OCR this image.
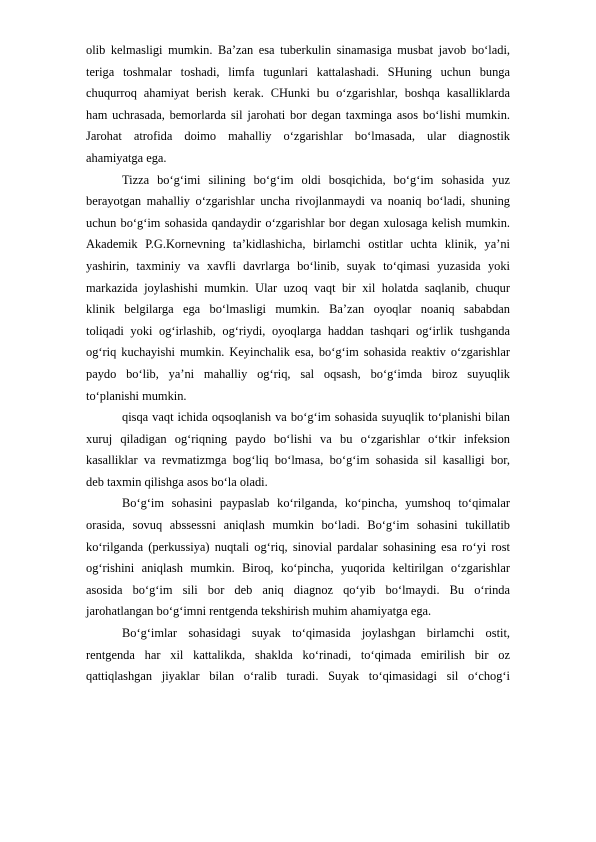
olib kelmasligi mumkin. Ba’zan esa tuberkulin sinamasiga musbat javob bo‘ladi,
teriga toshmalar toshadi, limfa tugunlari kattalashadi. SHuning uchun bunga
chuqurroq ahamiyat berish kerak. CHunki bu o‘zgarishlar, boshqa kasalliklarda
ham uchrasada, bemorlarda sil jarohati bor degan taxminga asos bo‘lishi mumkin.
Jarohat atrofida doimo mahalliy o‘zgarishlar bo‘lmasada, ular diagnostik
ahamiyatga ega.
Tizza bo‘g‘imi silining bo‘g‘im oldi bosqichida, bo‘g‘im sohasida yuz
berayotgan mahalliy o‘zgarishlar uncha rivojlanmaydi va noaniq bo‘ladi, shuning
uchun bo‘g‘im sohasida qandaydir o‘zgarishlar bor degan xulosaga kelish mumkin.
Akademik P.G.Kornevning ta’kidlashicha, birlamchi ostitlar uchta klinik, ya’ni
yashirin, taxminiy va xavfli davrlarga bo‘linib, suyak to‘qimasi yuzasida yoki
markazida joylashishi mumkin. Ular uzoq vaqt bir xil holatda saqlanib, chuqur
klinik belgilarga ega bo‘lmasligi mumkin. Ba’zan oyoqlar noaniq sababdan
toliqadi yoki og‘irlashib, og‘riydi, oyoqlarga haddan tashqari og‘irlik tushganda
og‘riq kuchayishi mumkin. Keyinchalik esa, bo‘g‘im sohasida reaktiv o‘zgarishlar
paydo bo‘lib, ya’ni mahalliy og‘riq, sal oqsash, bo‘g‘imda biroz suyuqlik
to‘planishi mumkin.
qisqa vaqt ichida oqsoqlanish va bo‘g‘im sohasida suyuqlik to‘planishi bilan
xuruj qiladigan og‘riqning paydo bo‘lishi va bu o‘zgarishlar o‘tkir infeksion
kasalliklar va revmatizmga bog‘liq bo‘lmasa, bo‘g‘im sohasida sil kasalligi bor,
deb taxmin qilishga asos bo‘la oladi.
Bo‘g‘im sohasini paypaslab ko‘rilganda, ko‘pincha, yumshoq to‘qimalar
orasida, sovuq abssessni aniqlash mumkin bo‘ladi. Bo‘g‘im sohasini tukillatib
ko‘rilganda (perkussiya) nuqtali og‘riq, sinovial pardalar sohasining esa ro‘yi rost
og‘rishini aniqlash mumkin. Biroq, ko‘pincha, yuqorida keltirilgan o‘zgarishlar
asosida bo‘g‘im sili bor deb aniq diagnoz qo‘yib bo‘lmaydi. Bu o‘rinda
jarohatlangan bo‘g‘imni rentgenda tekshirish muhim ahamiyatga ega.
Bo‘g‘imlar sohasidagi suyak to‘qimasida joylashgan birlamchi ostit,
rentgenda har xil kattalikda, shaklda ko‘rinadi, to‘qimada emirilish bir oz
qattiqlashgan jiyaklar bilan o‘ralib turadi. Suyak to‘qimasidagi sil o‘chog‘i
